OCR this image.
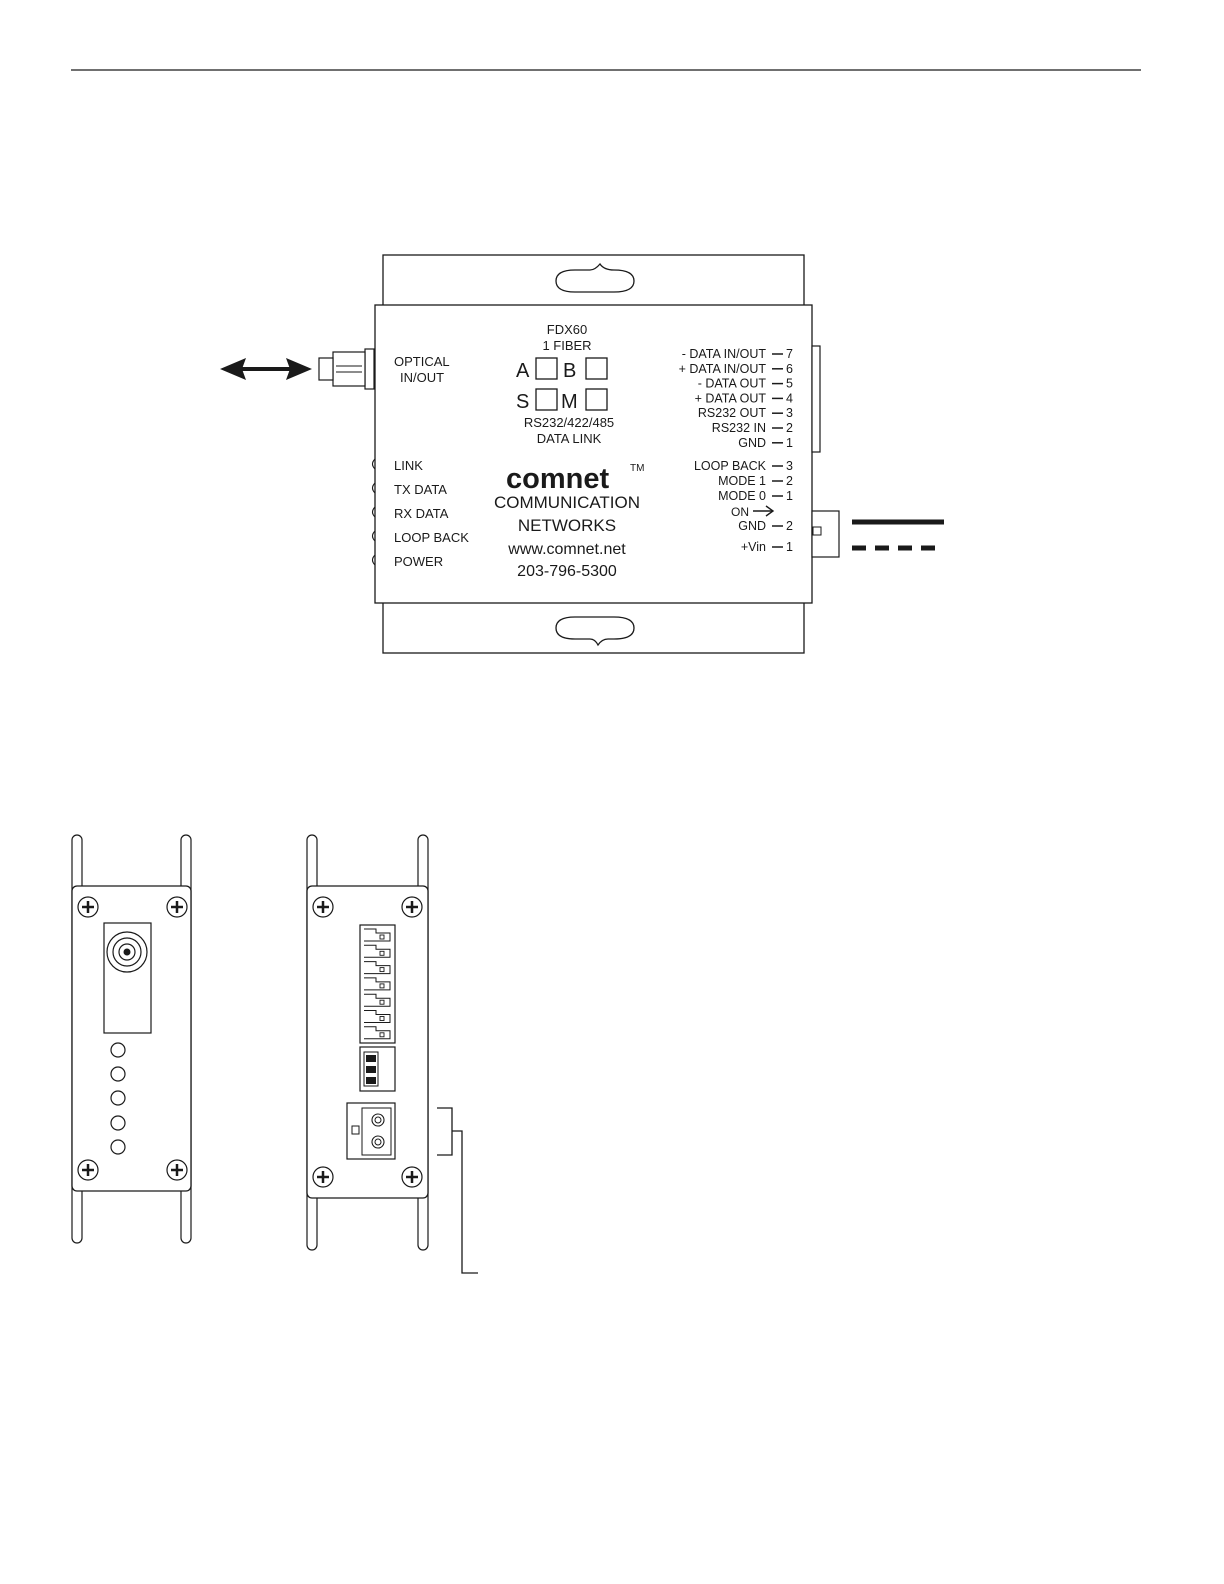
OPTICAL
IN/OUT
FDX60
1 FIBER
A B
S M
RS232/422/485
DATA LINK
LINK
TX DATA
RX DATA
LOOP BACK
POWER
comnet TM
COMMUNICATION
NETWORKS
www.comnet.net
203-796-5300
- DATA IN/OUT 7
+ DATA IN/OUT 6
- DATA OUT 5
+ DATA OUT 4
RS232 OUT 3
RS232 IN 2
GND 1
LOOP BACK 3
MODE 1 2
MODE 0 1
ON
GND 2
+Vin 1
